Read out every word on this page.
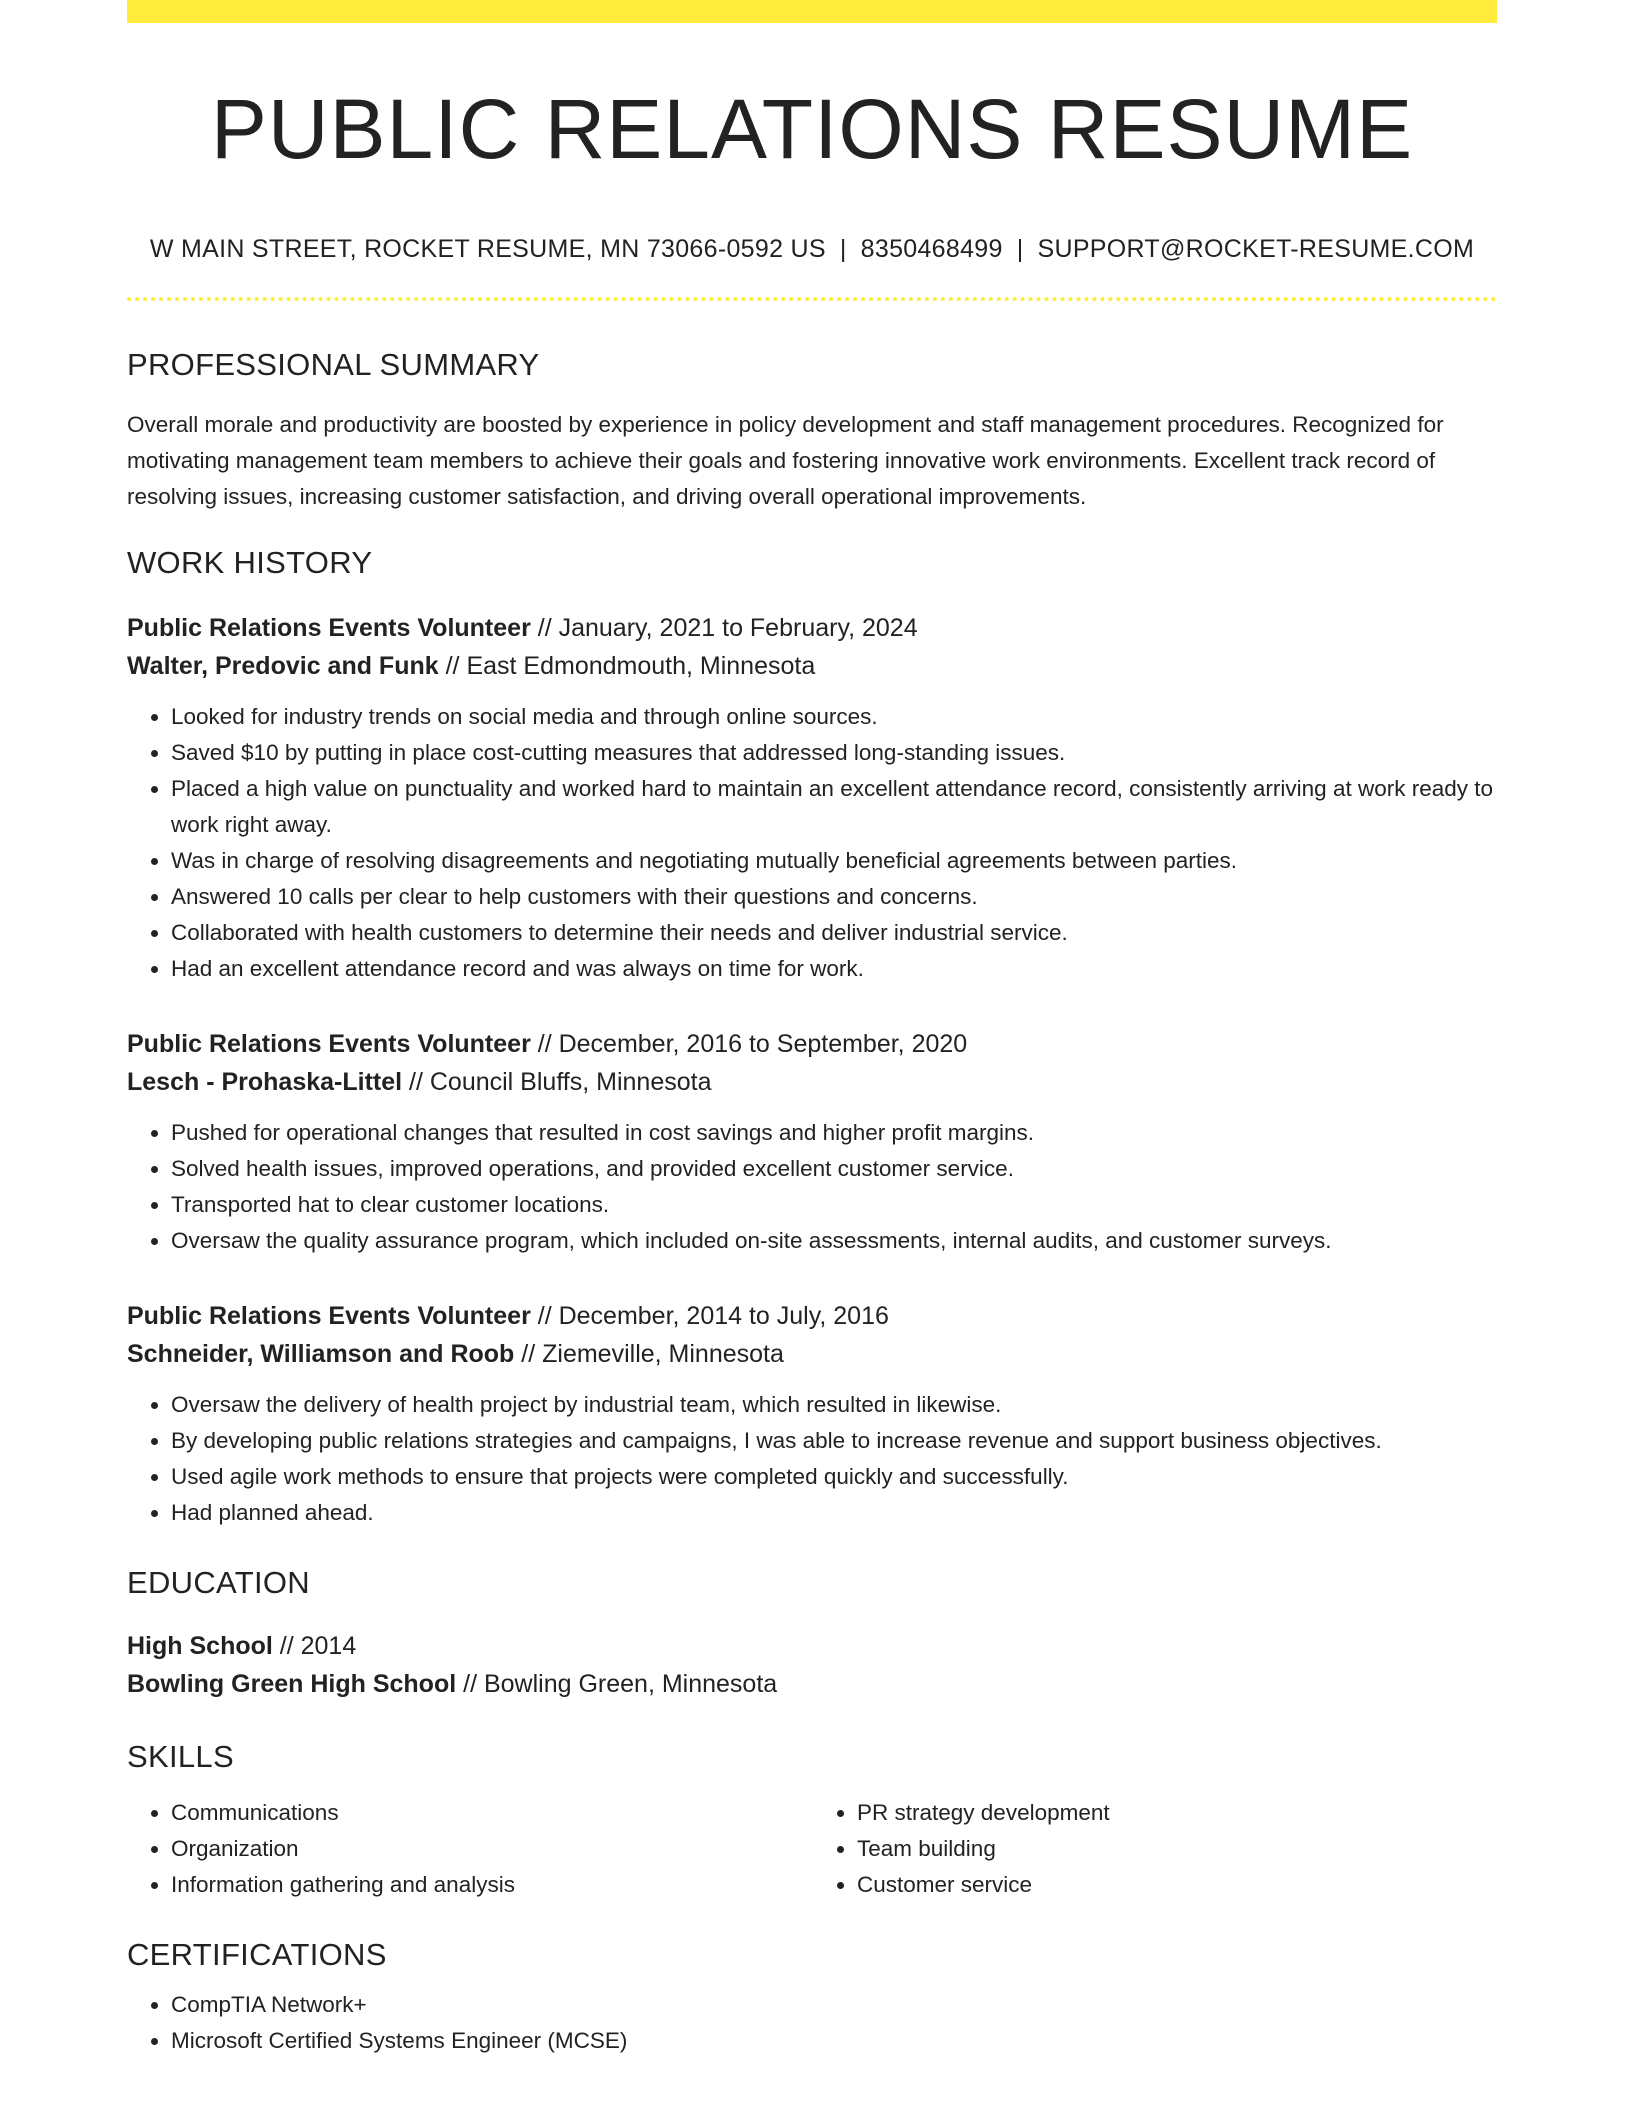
PUBLIC RELATIONS RESUME
W MAIN STREET, ROCKET RESUME, MN 73066-0592 US | 8350468499 | SUPPORT@ROCKET-RESUME.COM
PROFESSIONAL SUMMARY
Overall morale and productivity are boosted by experience in policy development and staff management procedures. Recognized for motivating management team members to achieve their goals and fostering innovative work environments. Excellent track record of resolving issues, increasing customer satisfaction, and driving overall operational improvements.
WORK HISTORY
Public Relations Events Volunteer // January, 2021 to February, 2024
Walter, Predovic and Funk // East Edmondmouth, Minnesota
• Looked for industry trends on social media and through online sources.
• Saved $10 by putting in place cost-cutting measures that addressed long-standing issues.
• Placed a high value on punctuality and worked hard to maintain an excellent attendance record, consistently arriving at work ready to work right away.
• Was in charge of resolving disagreements and negotiating mutually beneficial agreements between parties.
• Answered 10 calls per clear to help customers with their questions and concerns.
• Collaborated with health customers to determine their needs and deliver industrial service.
• Had an excellent attendance record and was always on time for work.
Public Relations Events Volunteer // December, 2016 to September, 2020
Lesch - Prohaska-Littel // Council Bluffs, Minnesota
• Pushed for operational changes that resulted in cost savings and higher profit margins.
• Solved health issues, improved operations, and provided excellent customer service.
• Transported hat to clear customer locations.
• Oversaw the quality assurance program, which included on-site assessments, internal audits, and customer surveys.
Public Relations Events Volunteer // December, 2014 to July, 2016
Schneider, Williamson and Roob // Ziemeville, Minnesota
• Oversaw the delivery of health project by industrial team, which resulted in likewise.
• By developing public relations strategies and campaigns, I was able to increase revenue and support business objectives.
• Used agile work methods to ensure that projects were completed quickly and successfully.
• Had planned ahead.
EDUCATION
High School // 2014
Bowling Green High School // Bowling Green, Minnesota
SKILLS
• Communications
• Organization
• Information gathering and analysis
• PR strategy development
• Team building
• Customer service
CERTIFICATIONS
• CompTIA Network+
• Microsoft Certified Systems Engineer (MCSE)
